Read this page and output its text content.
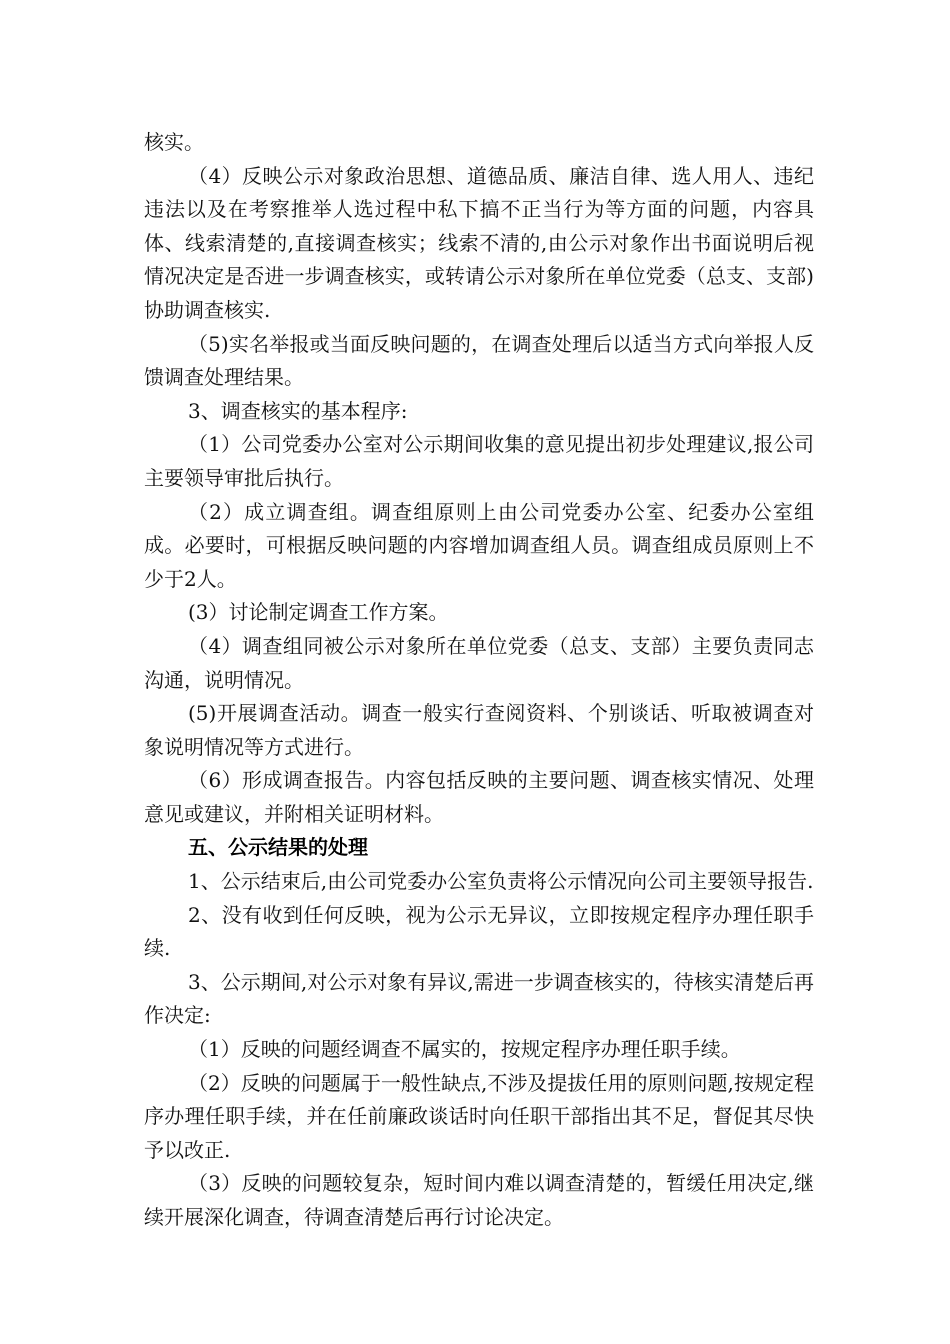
核实。

（4）反映公示对象政治思想、道德品质、廉洁自律、选人用人、违纪违法以及在考察推举人选过程中私下搞不正当行为等方面的问题，内容具体、线索清楚的,直接调查核实；线索不清的,由公示对象作出书面说明后视情况决定是否进一步调查核实，或转请公示对象所在单位党委（总支、支部)协助调查核实.

（5)实名举报或当面反映问题的，在调查处理后以适当方式向举报人反馈调查处理结果。

3、调查核实的基本程序:

（1）公司党委办公室对公示期间收集的意见提出初步处理建议,报公司主要领导审批后执行。

（2）成立调查组。调查组原则上由公司党委办公室、纪委办公室组成。必要时，可根据反映问题的内容增加调查组人员。调查组成员原则上不少于2人。

(3）讨论制定调查工作方案。

（4）调查组同被公示对象所在单位党委（总支、支部）主要负责同志沟通，说明情况。

(5)开展调查活动。调查一般实行查阅资料、个别谈话、听取被调查对象说明情况等方式进行。

（6）形成调查报告。内容包括反映的主要问题、调查核实情况、处理意见或建议，并附相关证明材料。

五、公示结果的处理

1、公示结束后,由公司党委办公室负责将公示情况向公司主要领导报告.

2、没有收到任何反映，视为公示无异议，立即按规定程序办理任职手续.

3、公示期间,对公示对象有异议,需进一步调查核实的，待核实清楚后再作决定:

（1）反映的问题经调查不属实的，按规定程序办理任职手续。

（2）反映的问题属于一般性缺点,不涉及提拔任用的原则问题,按规定程序办理任职手续，并在任前廉政谈话时向任职干部指出其不足，督促其尽快予以改正.

（3）反映的问题较复杂，短时间内难以调查清楚的，暂缓任用决定,继续开展深化调查，待调查清楚后再行讨论决定。
